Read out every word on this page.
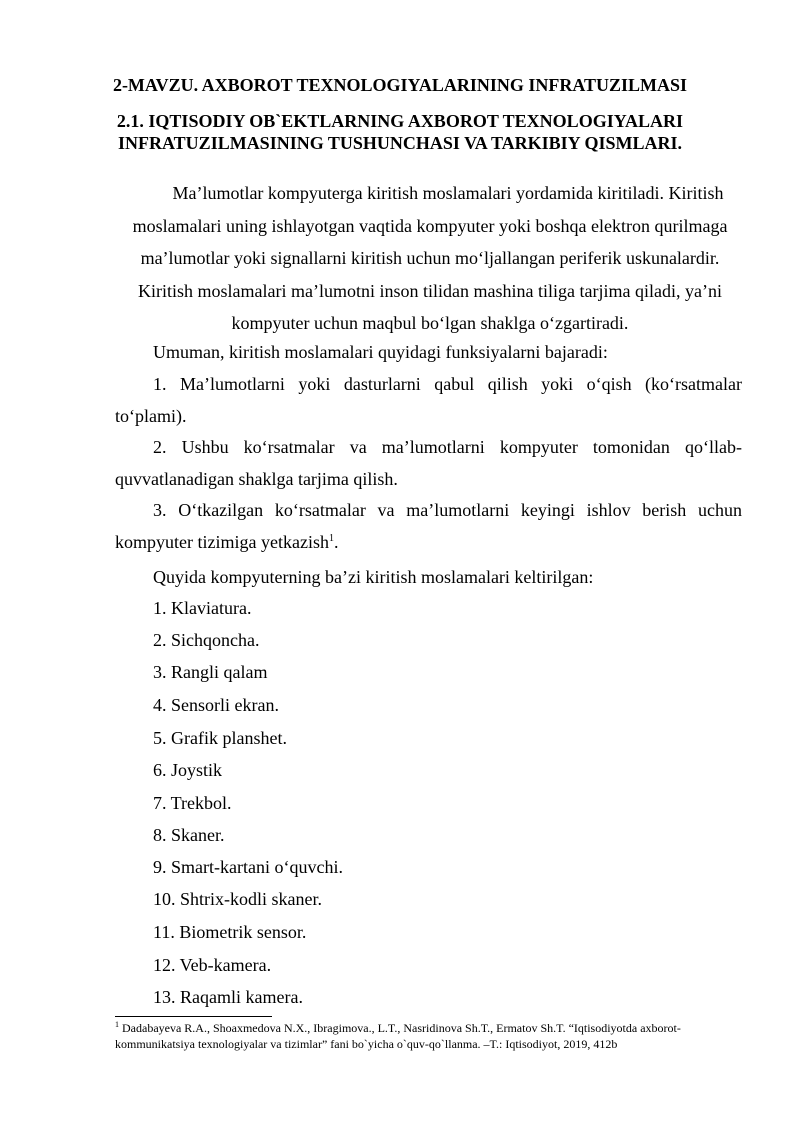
2-MAVZU. AXBOROT TEXNOLOGIYALARINING INFRATUZILMASI
2.1. IQTISODIY OB`EKTLARNING AXBOROT TEXNOLOGIYALARI
INFRATUZILMASINING TUSHUNCHASI VA TARKIBIY QISMLARI.
Ma’lumotlar kompyuterga kiritish moslamalari yordamida kiritiladi. Kiritish
moslamalari uning ishlayotgan vaqtida kompyuter yoki boshqa elektron qurilmaga
ma’lumotlar yoki signallarni kiritish uchun mo‘ljallangan periferik uskunalardir.
Kiritish moslamalari ma’lumotni inson tilidan mashina tiliga tarjima qiladi, ya’ni
kompyuter uchun maqbul bo‘lgan shaklga o‘zgartiradi.
Umuman, kiritish moslamalari quyidagi funksiyalarni bajaradi:
1. Ma’lumotlarni yoki dasturlarni qabul qilish yoki o‘qish (ko‘rsatmalar to‘plami).
2. Ushbu ko‘rsatmalar va ma’lumotlarni kompyuter tomonidan qo‘llab-quvvatlanadigan shaklga tarjima qilish.
3. O‘tkazilgan ko‘rsatmalar va ma’lumotlarni keyingi ishlov berish uchun kompyuter tizimiga yetkazish$^1$.
Quyida kompyuterning ba’zi kiritish moslamalari keltirilgan:
1. Klaviatura.
2. Sichqoncha.
3. Rangli qalam
4. Sensorli ekran.
5. Grafik planshet.
6. Joystik
7. Trekbol.
8. Skaner.
9. Smart-kartani o‘quvchi.
10. Shtrix-kodli skaner.
11. Biometrik sensor.
12. Veb-kamera.
13. Raqamli kamera.
$^1$ Dadabayeva R.A., Shoaxmedova N.X., Ibragimova., L.T., Nasridinova Sh.T., Ermatov Sh.T. “Iqtisodiyotda axborot-kommunikatsiya texnologiyalar va tizimlar” fani bo`yicha o`quv-qo`llanma. –T.: Iqtisodiyot, 2019, 412b
